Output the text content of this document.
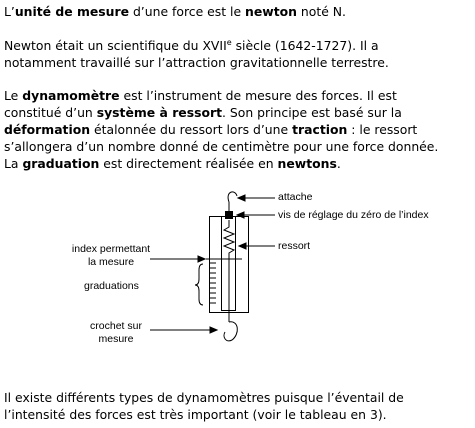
L’unité de mesure d’une force est le newton noté N.
Newton était un scientifique du XVIIe siècle (1642-1727). Il a
notamment travaillé sur l’attraction gravitationnelle terrestre.
Le dynamomètre est l’instrument de mesure des forces. Il est
constitué d’un système à ressort. Son principe est basé sur la
déformation étalonnée du ressort lors d’une traction : le ressort
s’allongera d’un nombre donné de centimètre pour une force donnée.
La graduation est directement réalisée en newtons.
attache
vis de réglage du zéro de l’index
ressort
index permettant
la mesure
graduations
crochet sur
mesure
Il existe différents types de dynamomètres puisque l’éventail de
l’intensité des forces est très important (voir le tableau en 3).
